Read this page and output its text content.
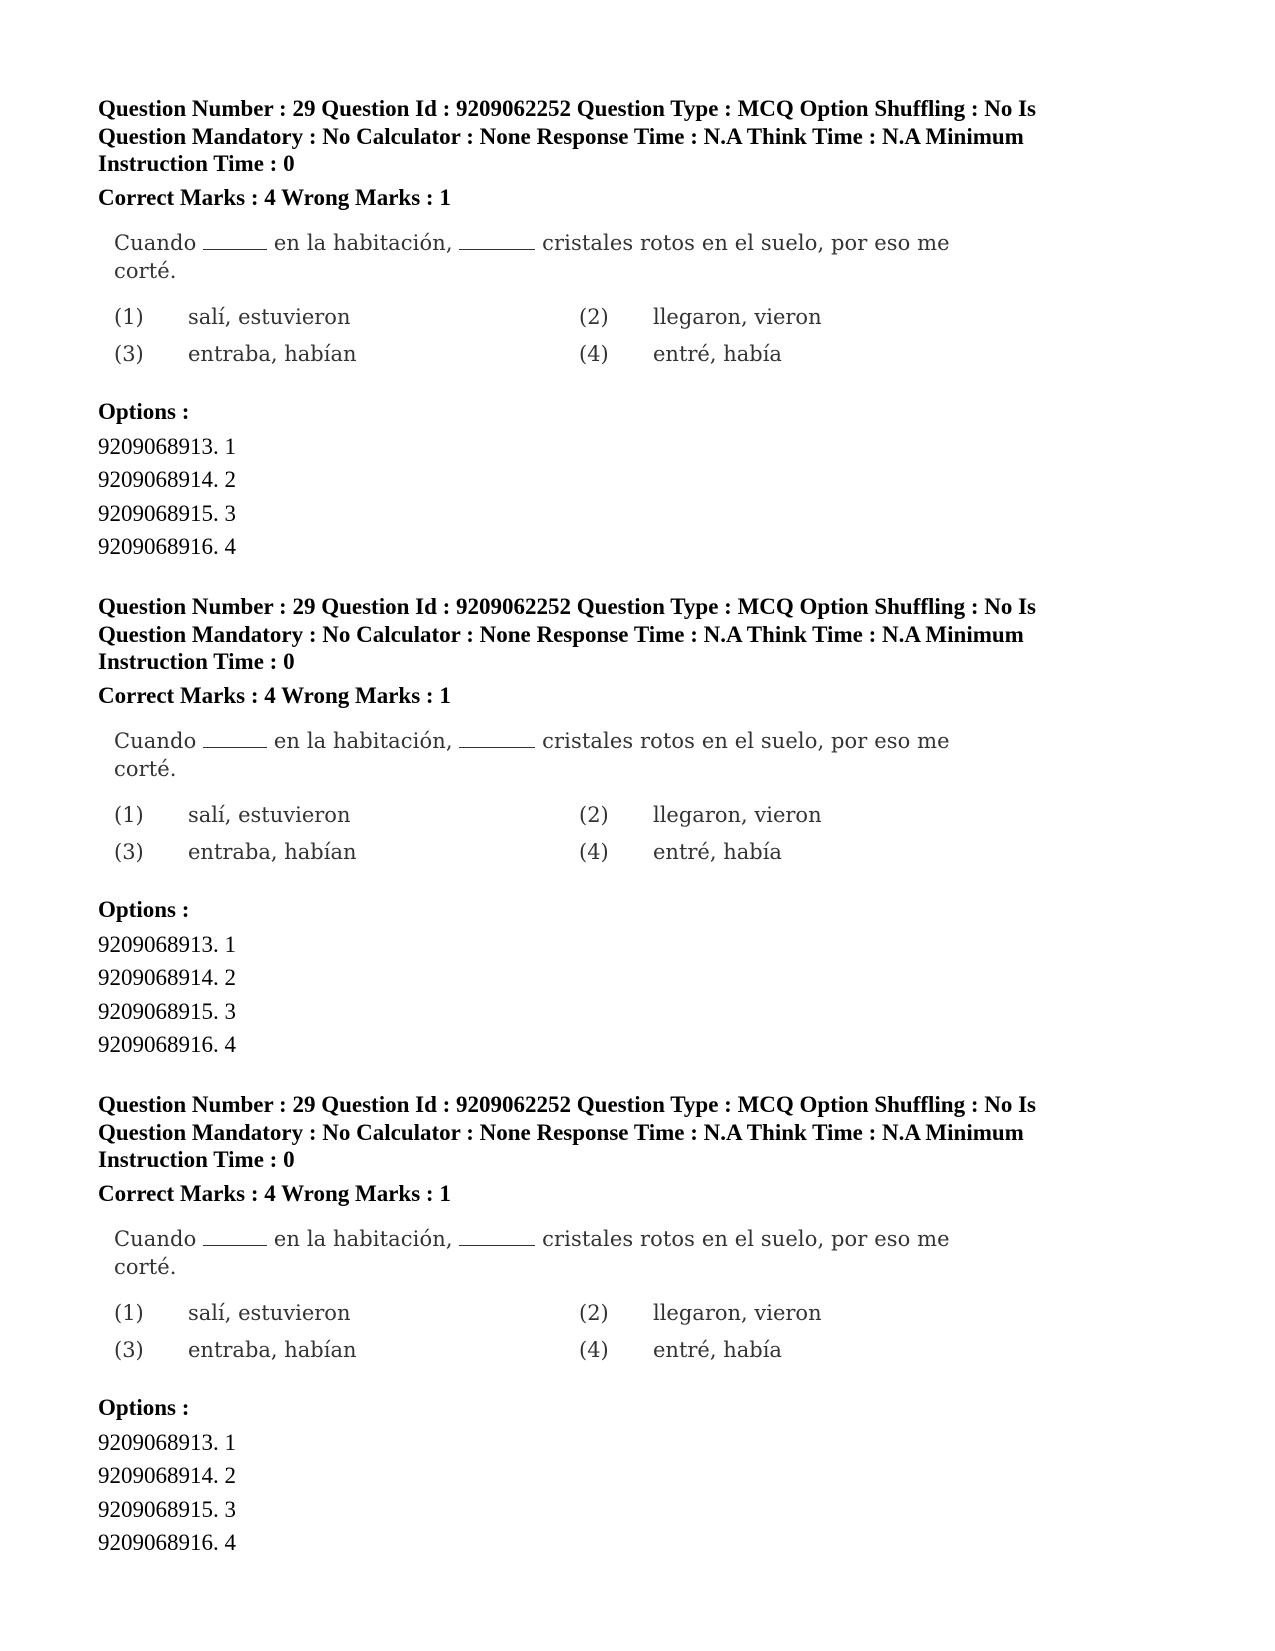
Question Number : 29 Question Id : 9209062252 Question Type : MCQ Option Shuffling : No Is
Question Mandatory : No Calculator : None Response Time : N.A Think Time : N.A Minimum
Instruction Time : 0
Correct Marks : 4 Wrong Marks : 1
Cuando	en la habitación,	cristales rotos en el suelo, por eso me corté.
(1)	salí, estuvieron	(2)	llegaron, vieron
(3)	entraba, habían	(4)	entré, había
Options :
9209068913. 1
9209068914. 2
9209068915. 3
9209068916. 4
Question Number : 29 Question Id : 9209062252 Question Type : MCQ Option Shuffling : No Is
Question Mandatory : No Calculator : None Response Time : N.A Think Time : N.A Minimum
Instruction Time : 0
Correct Marks : 4 Wrong Marks : 1
Cuando	en la habitación,	cristales rotos en el suelo, por eso me corté.
(1)	salí, estuvieron	(2)	llegaron, vieron
(3)	entraba, habían	(4)	entré, había
Options :
9209068913. 1
9209068914. 2
9209068915. 3
9209068916. 4
Question Number : 29 Question Id : 9209062252 Question Type : MCQ Option Shuffling : No Is
Question Mandatory : No Calculator : None Response Time : N.A Think Time : N.A Minimum
Instruction Time : 0
Correct Marks : 4 Wrong Marks : 1
Cuando	en la habitación,	cristales rotos en el suelo, por eso me corté.
(1)	salí, estuvieron	(2)	llegaron, vieron
(3)	entraba, habían	(4)	entré, había
Options :
9209068913. 1
9209068914. 2
9209068915. 3
9209068916. 4
